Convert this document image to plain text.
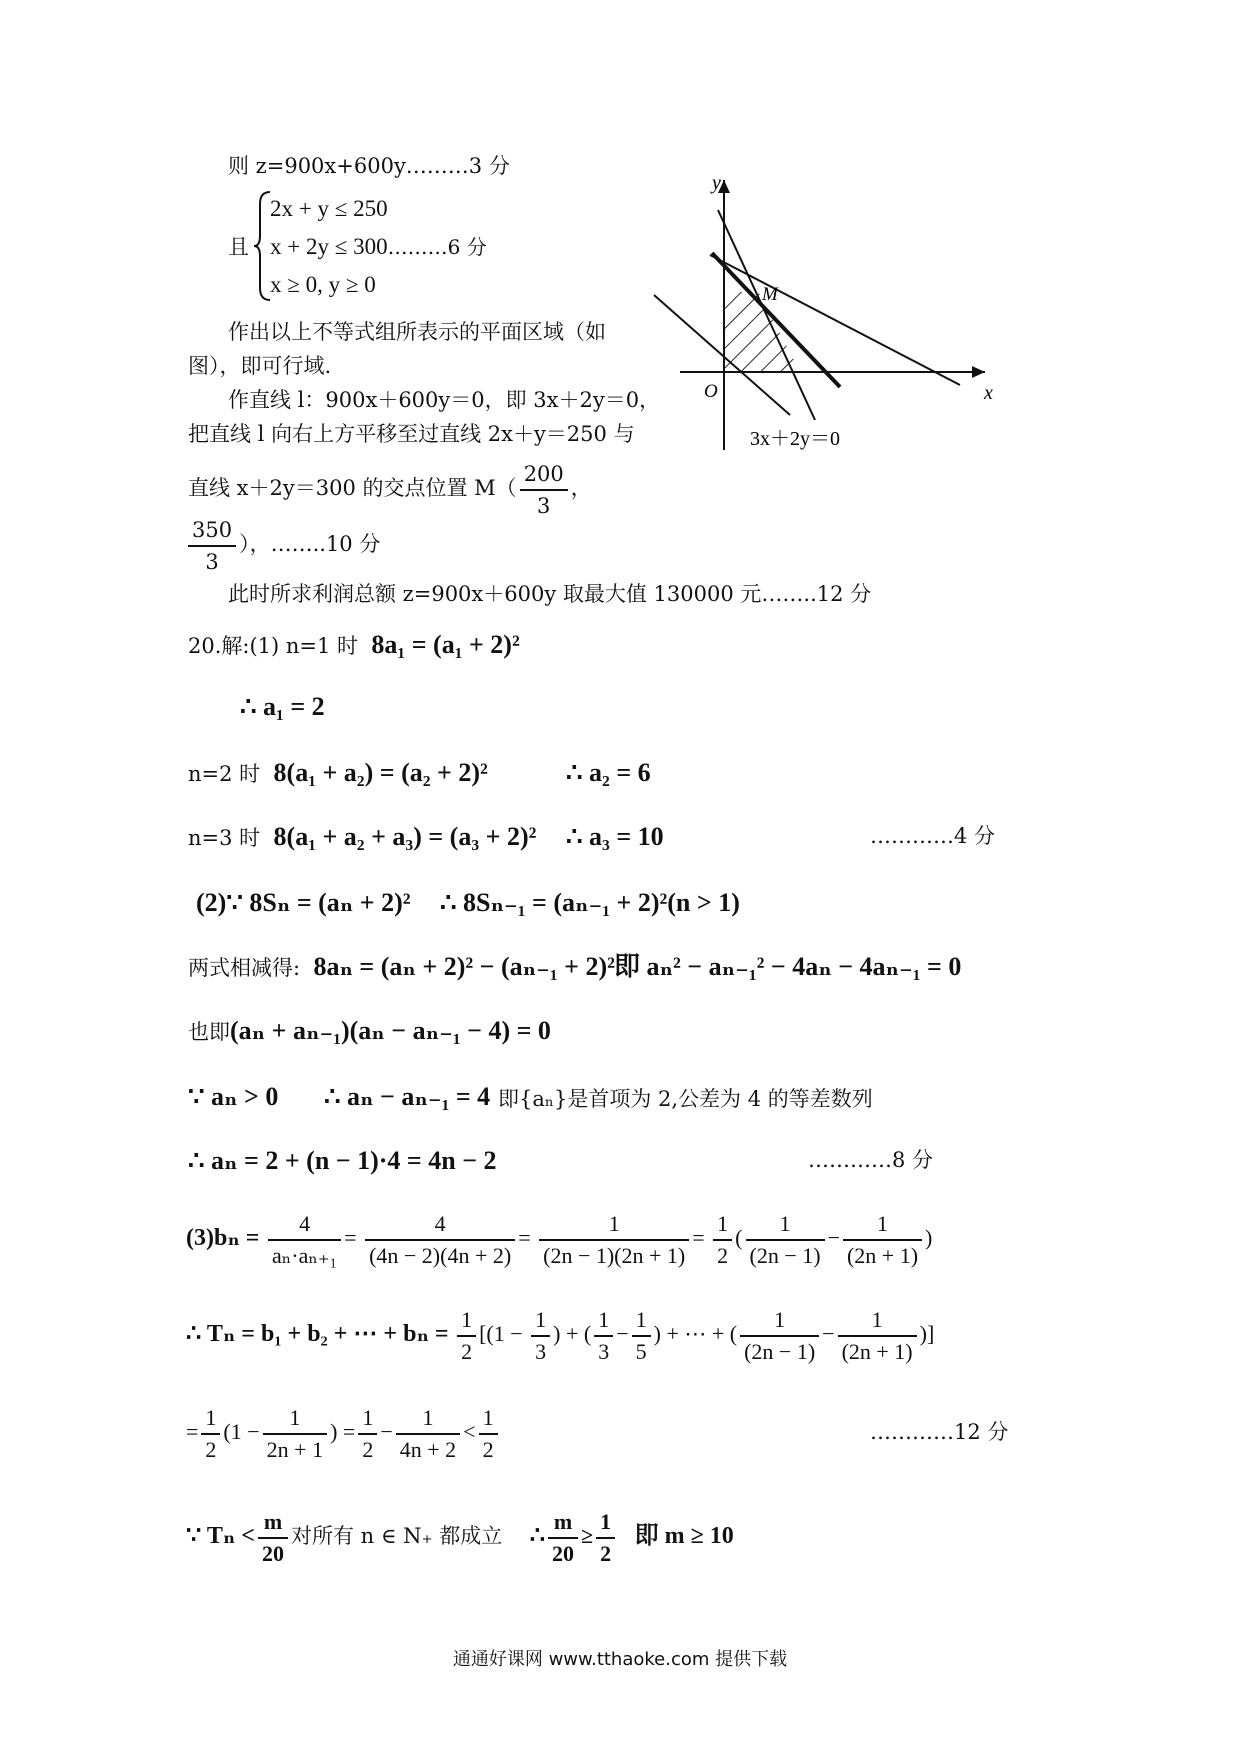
则 z=900x+600y………3 分
且
2x + y ≤ 250
x + 2y ≤ 300………6 分
x ≥ 0, y ≥ 0
作出以上不等式组所表示的平面区域（如
图），即可行域.
作直线 l：900x＋600y＝0，即 3x＋2y＝0，
把直线 l 向右上方平移至过直线 2x＋y＝250 与
直线 x＋2y＝300 的交点位置 $M( \frac{200}{3}$ ，
$\frac{350}{3}$ ），……..10 分
此时所求利润总额 z=900x＋600y 取最大值 130000 元……..12 分
y
x
O
M
3x＋2y＝0
20.解:(1) n=1 时 8a₁ = (a₁ + 2)²
∴ a₁ = 2
n=2 时 8(a₁ + a₂) = (a₂ + 2)²	∴ a₂ = 6
n=3 时 8(a₁ + a₂ + a₃) = (a₃ + 2)² ∴ a₃ = 10	…………4 分
(2)∵ 8Sₙ = (aₙ + 2)² ∴ 8Sₙ₋₁ = (aₙ₋₁ + 2)²(n > 1)
两式相减得: 8aₙ = (aₙ + 2)² − (aₙ₋₁ + 2)² 即 aₙ² − aₙ₋₁² − 4aₙ − 4aₙ₋₁ = 0
也即(aₙ + aₙ₋₁)(aₙ − aₙ₋₁ − 4) = 0
∵ aₙ > 0 ∴ aₙ − aₙ₋₁ = 4 即{aₙ}是首项为 2,公差为 4 的等差数列
∴ aₙ = 2 + (n − 1)·4 = 4n − 2	…………8 分
$(3)b_n = \frac{4}{\text{aₙ·aₙ₊₁}} = \frac{4}{(4n - 2)(4n + 2)} = \frac{1}{(2n - 1)(2n + 1)} = \frac{1}{2}$ ( $\frac{1}{(2n - 1)} - \frac{1}{(2n + 1)}$ )
∴ Tₙ = b₁ + b₂ + ⋯ + $b_n = \frac{1}{2} [(1 - \frac{1}{3}$ ) + ( $\frac{1}{3} - \frac{1}{5}$ ) + ⋯ + ( $\frac{1}{(2n - 1)} - \frac{1}{(2n + 1)}$ )]
= $\frac{1}{2} (1 - \frac{1}{2n + 1}$ ) = $\frac{1}{2} - \frac{1}{4n + 2} < \frac{1}{2}$	…………12 分
∵ $T_n < \frac{m}{20}$ 对所有 n ∈ N₊ 都成立 ∴ $\frac{m}{20} \ge \frac{1}{2}$ 即 m ≥ 10
通通好课网 www.tthaoke.com 提供下载
